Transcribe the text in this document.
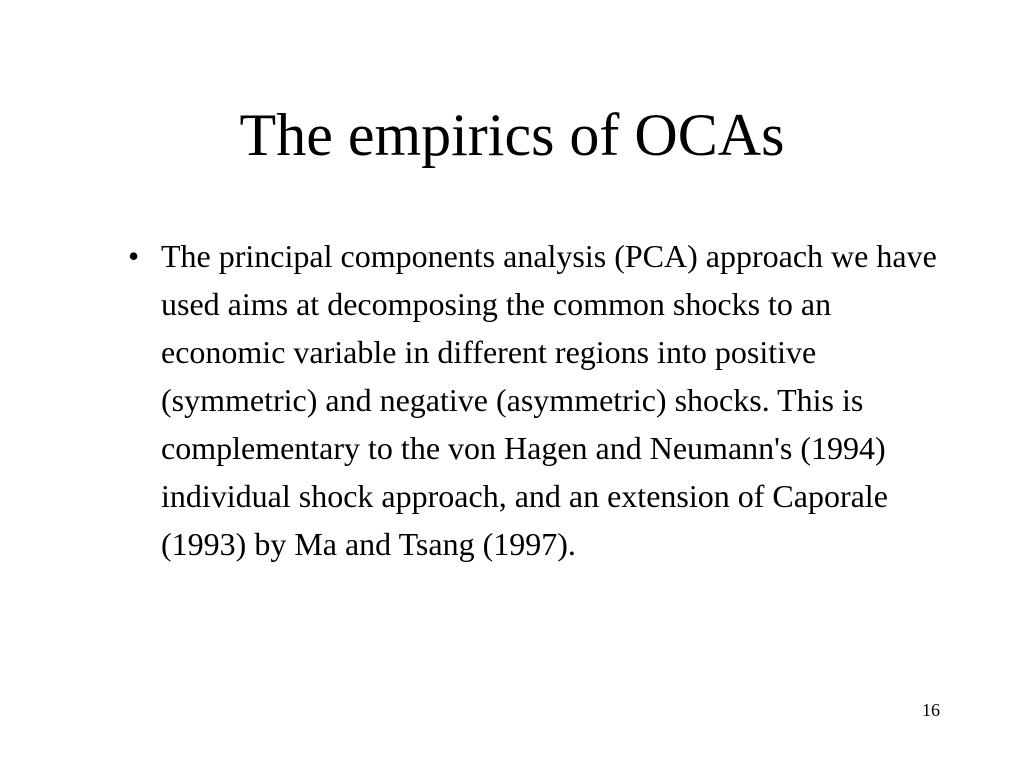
The empirics of OCAs
• The principal components analysis (PCA) approach we have used aims at decomposing the common shocks to an economic variable in different regions into positive (symmetric) and negative (asymmetric) shocks. This is complementary to the von Hagen and Neumann's (1994) individual shock approach, and an extension of Caporale (1993) by Ma and Tsang (1997).
16
